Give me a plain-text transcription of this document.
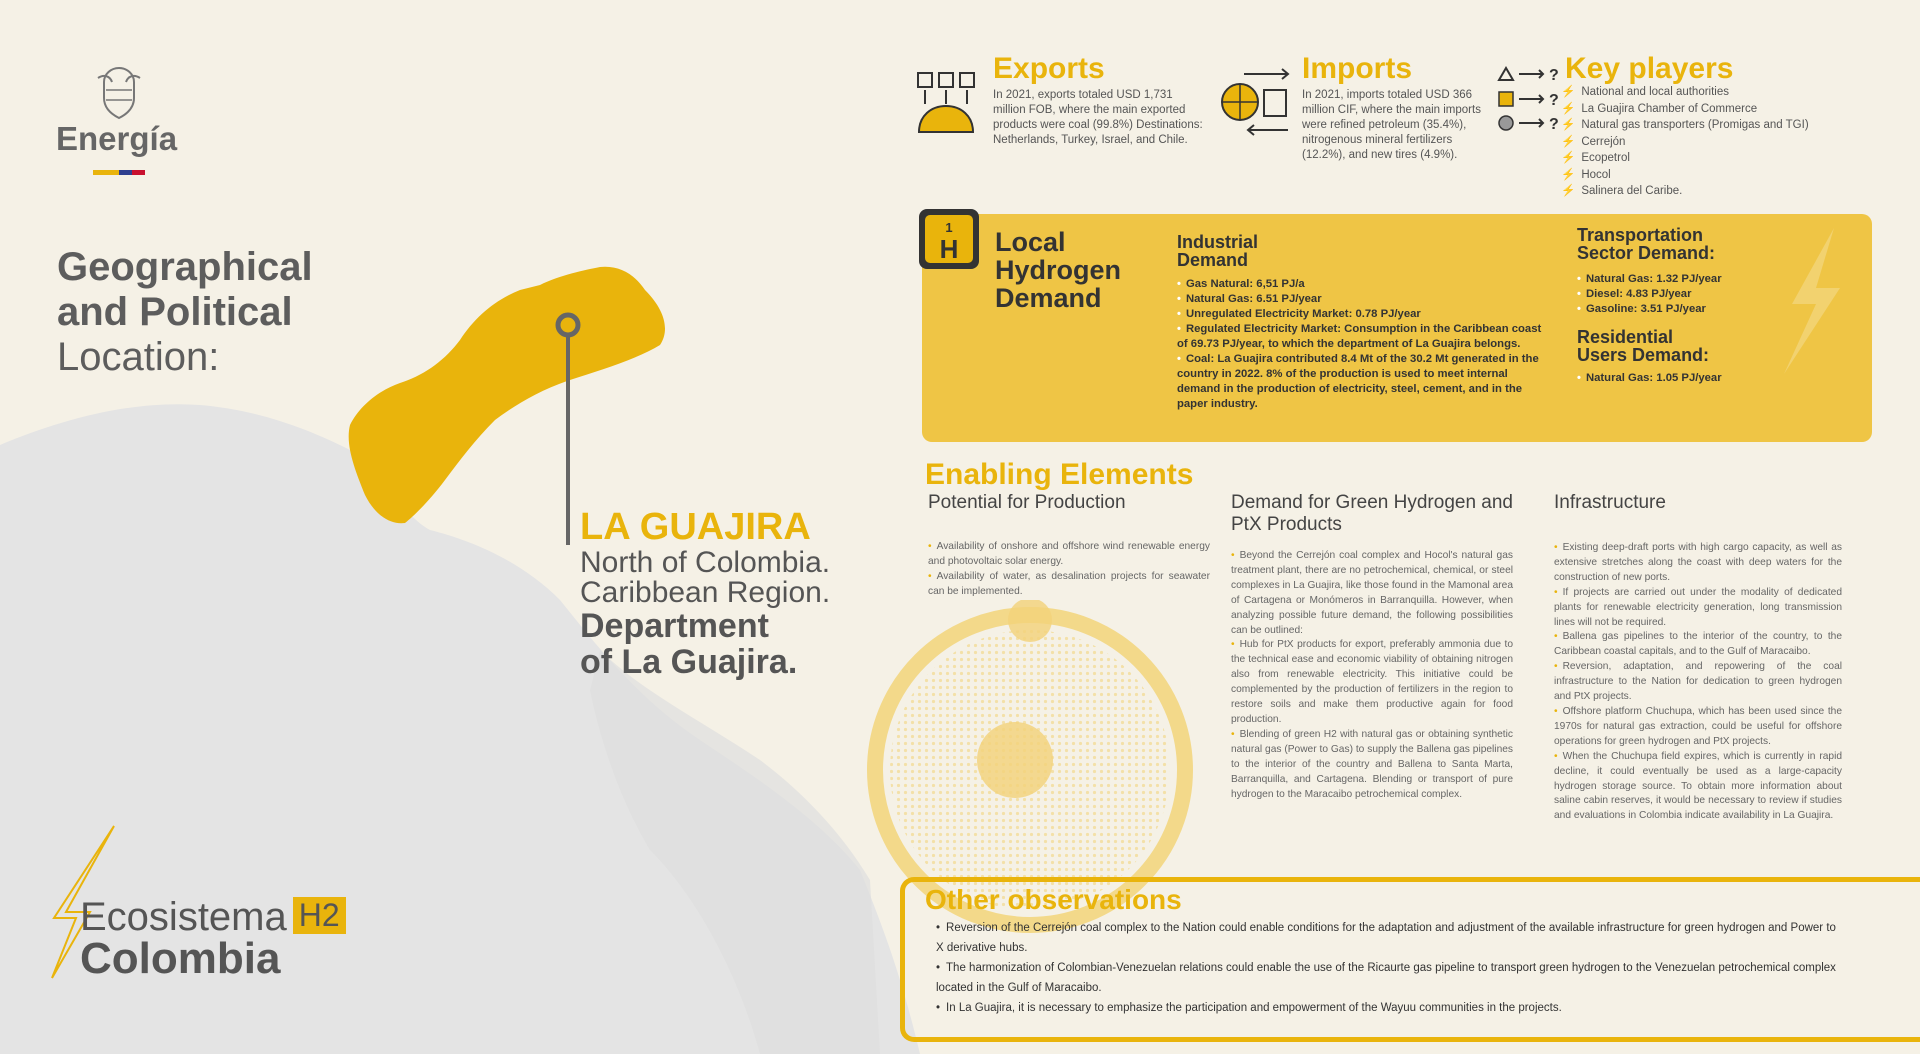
Energía
Geographical
and Political
Location:
LA GUAJIRA
North of Colombia.
Caribbean Region.
Department
of La Guajira.
Ecosistema H2
Colombia
Exports
In 2021, exports totaled USD 1,731 million FOB, where the main exported products were coal (99.8%) Destinations: Netherlands, Turkey, Israel, and Chile.
Imports
In 2021, imports totaled USD 366 million CIF, where the main imports were refined petroleum (35.4%), nitrogenous mineral fertilizers (12.2%), and new tires (4.9%).
?
?
?
Key players
⚡ National and local authorities
⚡ La Guajira Chamber of Commerce
⚡ Natural gas transporters (Promigas and TGI)
⚡ Cerrejón
⚡ Ecopetrol
⚡ Hocol
⚡ Salinera del Caribe.
1
H Local
Hydrogen
Demand
Industrial
Demand
• Gas Natural: 6,51 PJ/a
• Natural Gas: 6.51 PJ/year
• Unregulated Electricity Market: 0.78 PJ/year
• Regulated Electricity Market: Consumption in the Caribbean coast of 69.73 PJ/year, to which the department of La Guajira belongs.
• Coal: La Guajira contributed 8.4 Mt of the 30.2 Mt generated in the country in 2022. 8% of the production is used to meet internal demand in the production of electricity, steel, cement, and in the paper industry.
Transportation
Sector Demand:
• Natural Gas: 1.32 PJ/year
• Diesel: 4.83 PJ/year
• Gasoline: 3.51 PJ/year
Residential
Users Demand:
• Natural Gas: 1.05 PJ/year
Enabling Elements
Potential for Production
• Availability of onshore and offshore wind renewable energy and photovoltaic solar energy.
• Availability of water, as desalination projects for seawater can be implemented.
Demand for Green Hydrogen and
PtX Products
• Beyond the Cerrejón coal complex and Hocol's natural gas treatment plant, there are no petrochemical, chemical, or steel complexes in La Guajira, like those found in the Mamonal area of Cartagena or Monómeros in Barranquilla. However, when analyzing possible future demand, the following possibilities can be outlined:
• Hub for PtX products for export, preferably ammonia due to the technical ease and economic viability of obtaining nitrogen also from renewable electricity. This initiative could be complemented by the production of fertilizers in the region to restore soils and make them productive again for food production.
• Blending of green H2 with natural gas or obtaining synthetic natural gas (Power to Gas) to supply the Ballena gas pipelines to the interior of the country and Ballena to Santa Marta, Barranquilla, and Cartagena. Blending or transport of pure hydrogen to the Maracaibo petrochemical complex.
Infrastructure
• Existing deep-draft ports with high cargo capacity, as well as extensive stretches along the coast with deep waters for the construction of new ports.
• If projects are carried out under the modality of dedicated plants for renewable electricity generation, long transmission lines will not be required.
• Ballena gas pipelines to the interior of the country, to the Caribbean coastal capitals, and to the Gulf of Maracaibo.
• Reversion, adaptation, and repowering of the coal infrastructure to the Nation for dedication to green hydrogen and PtX projects.
• Offshore platform Chuchupa, which has been used since the 1970s for natural gas extraction, could be useful for offshore operations for green hydrogen and PtX projects.
• When the Chuchupa field expires, which is currently in rapid decline, it could eventually be used as a large-capacity hydrogen storage source. To obtain more information about saline cabin reserves, it would be necessary to review if studies and evaluations in Colombia indicate availability in La Guajira.
Other observations
• Reversion of the Cerrejón coal complex to the Nation could enable conditions for the adaptation and adjustment of the available infrastructure for green hydrogen and Power to X derivative hubs.
• The harmonization of Colombian-Venezuelan relations could enable the use of the Ricaurte gas pipeline to transport green hydrogen to the Venezuelan petrochemical complex located in the Gulf of Maracaibo.
• In La Guajira, it is necessary to emphasize the participation and empowerment of the Wayuu communities in the projects.
